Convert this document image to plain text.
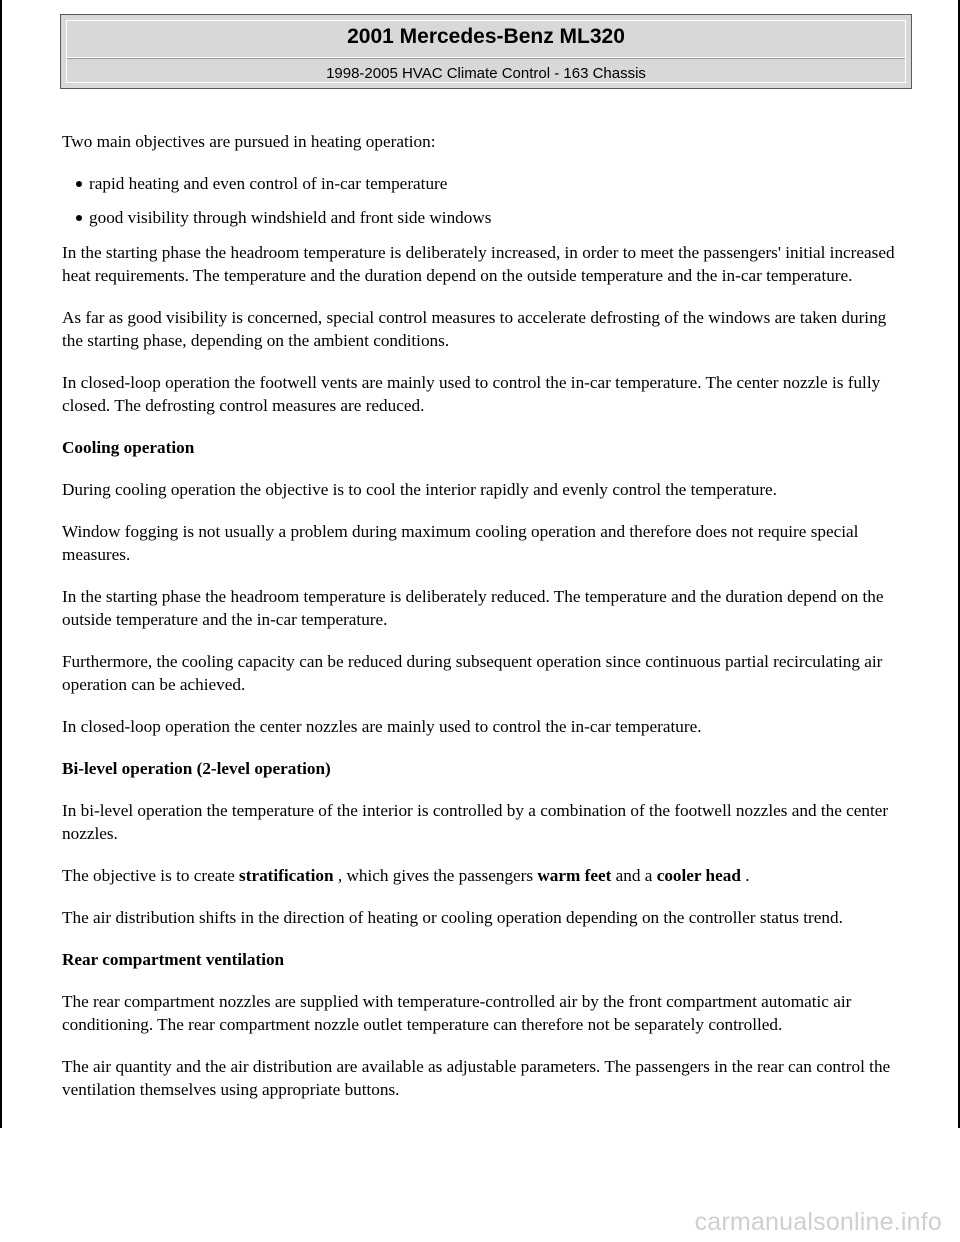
2001 Mercedes-Benz ML320
1998-2005 HVAC Climate Control - 163 Chassis

Two main objectives are pursued in heating operation:

rapid heating and even control of in-car temperature
good visibility through windshield and front side windows

In the starting phase the headroom temperature is deliberately increased, in order to meet the passengers' initial increased heat requirements. The temperature and the duration depend on the outside temperature and the in-car temperature.

As far as good visibility is concerned, special control measures to accelerate defrosting of the windows are taken during the starting phase, depending on the ambient conditions.

In closed-loop operation the footwell vents are mainly used to control the in-car temperature. The center nozzle is fully closed. The defrosting control measures are reduced.

Cooling operation

During cooling operation the objective is to cool the interior rapidly and evenly control the temperature.

Window fogging is not usually a problem during maximum cooling operation and therefore does not require special measures.

In the starting phase the headroom temperature is deliberately reduced. The temperature and the duration depend on the outside temperature and the in-car temperature.

Furthermore, the cooling capacity can be reduced during subsequent operation since continuous partial recirculating air operation can be achieved.

In closed-loop operation the center nozzles are mainly used to control the in-car temperature.

Bi-level operation (2-level operation)

In bi-level operation the temperature of the interior is controlled by a combination of the footwell nozzles and the center nozzles.

The objective is to create stratification , which gives the passengers warm feet and a cooler head .

The air distribution shifts in the direction of heating or cooling operation depending on the controller status trend.

Rear compartment ventilation

The rear compartment nozzles are supplied with temperature-controlled air by the front compartment automatic air conditioning. The rear compartment nozzle outlet temperature can therefore not be separately controlled.

The air quantity and the air distribution are available as adjustable parameters. The passengers in the rear can control the ventilation themselves using appropriate buttons.

carmanualsonline.info
